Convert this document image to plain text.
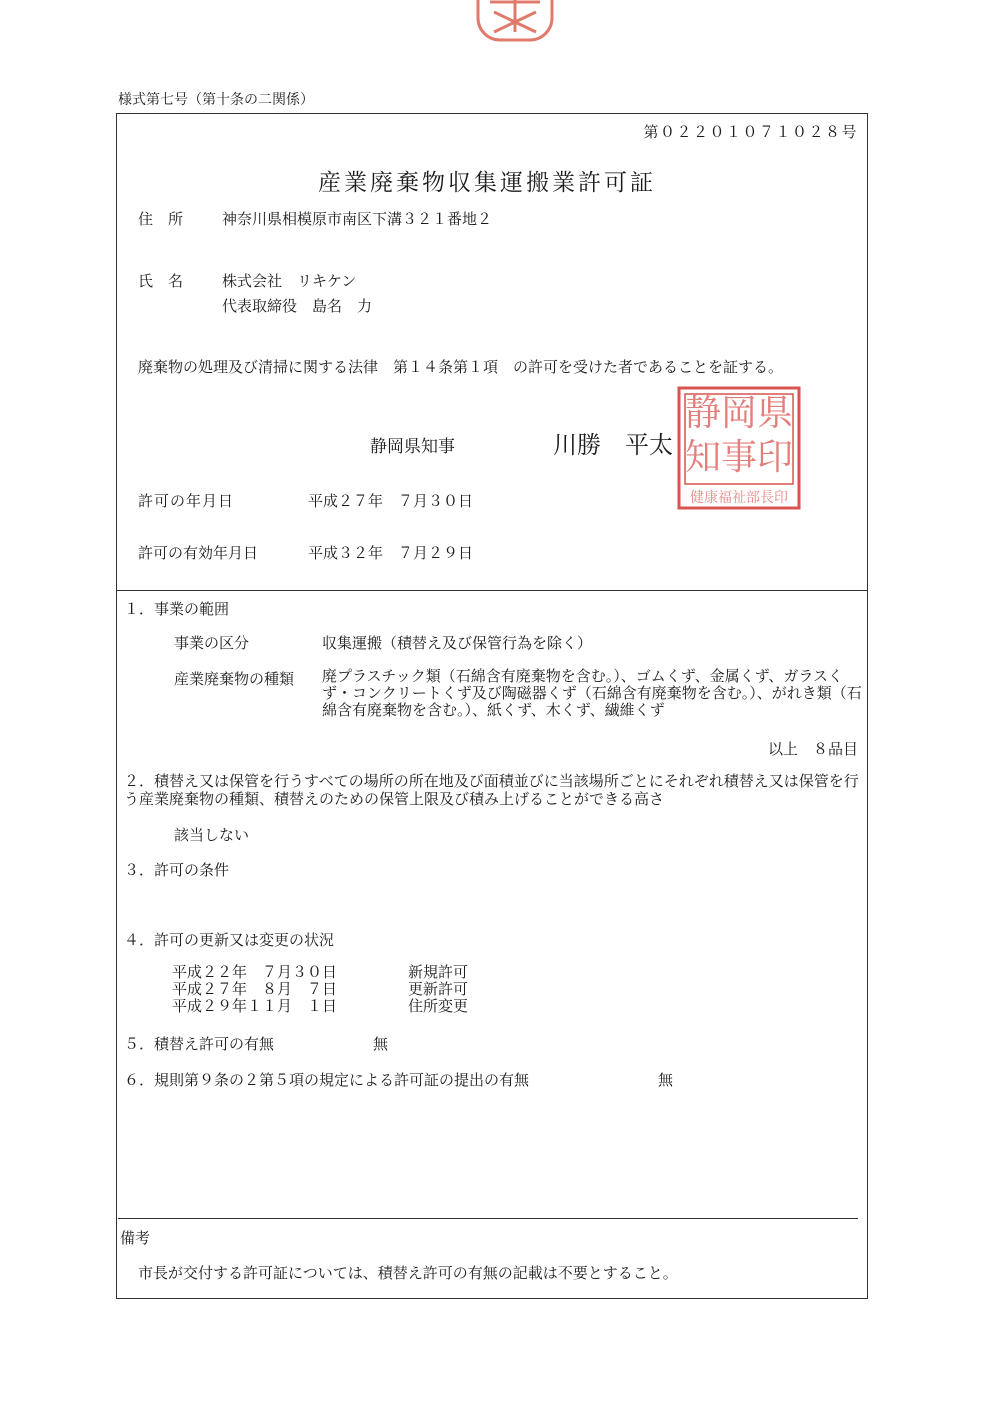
様式第七号（第十条の二関係）
第０２２０１０７１０２８号
産業廃棄物収集運搬業許可証
住　所	神奈川県相模原市南区下溝３２１番地２
氏　名	株式会社　リキケン
代表取締役　島名　力
廃棄物の処理及び清掃に関する法律　第１４条第１項　の許可を受けた者であることを証する。
静岡県知事	川勝　平太
静岡県
知事印
健康福祉部長印
許可の年月日	平成２７年　７月３０日
許可の有効年月日	平成３２年　７月２９日
１．事業の範囲
事業の区分	収集運搬（積替え及び保管行為を除く）
産業廃棄物の種類 廃プラスチック類（石綿含有廃棄物を含む。）、ゴムくず、金属くず、ガラスくず・コンクリートくず及び陶磁器くず（石綿含有廃棄物を含む。）、がれき類（石綿含有廃棄物を含む。）、紙くず、木くず、繊維くず
以上　８品目
２．積替え又は保管を行うすべての場所の所在地及び面積並びに当該場所ごとにそれぞれ積替え又は保管を行う産業廃棄物の種類、積替えのための保管上限及び積み上げることができる高さ
該当しない
３．許可の条件
４．許可の更新又は変更の状況
平成２２年　７月３０日	新規許可
平成２７年　８月　７日	更新許可
平成２９年１１月　１日	住所変更
５．積替え許可の有無	無
６．規則第９条の２第５項の規定による許可証の提出の有無	無
備考
市長が交付する許可証については、積替え許可の有無の記載は不要とすること。
